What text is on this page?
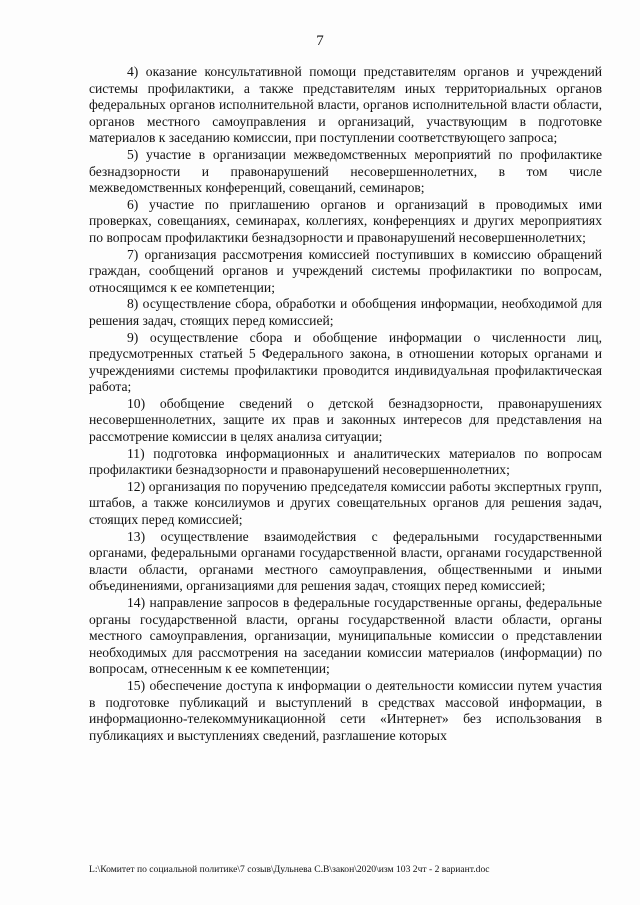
7

4) оказание консультативной помощи представителям органов и учреждений системы профилактики, а также представителям иных территориальных органов федеральных органов исполнительной власти, органов исполнительной власти области, органов местного самоуправления и организаций, участвующим в подготовке материалов к заседанию комиссии, при поступлении соответствующего запроса;

5) участие в организации межведомственных мероприятий по профилактике безнадзорности и правонарушений несовершеннолетних, в том числе межведомственных конференций, совещаний, семинаров;

6) участие по приглашению органов и организаций в проводимых ими проверках, совещаниях, семинарах, коллегиях, конференциях и других мероприятиях по вопросам профилактики безнадзорности и правонарушений несовершеннолетних;

7) организация рассмотрения комиссией поступивших в комиссию обращений граждан, сообщений органов и учреждений системы профилактики по вопросам, относящимся к ее компетенции;

8) осуществление сбора, обработки и обобщения информации, необходимой для решения задач, стоящих перед комиссией;

9) осуществление сбора и обобщение информации о численности лиц, предусмотренных статьей 5 Федерального закона, в отношении которых органами и учреждениями системы профилактики проводится индивидуальная профилактическая работа;

10) обобщение сведений о детской безнадзорности, правонарушениях несовершеннолетних, защите их прав и законных интересов для представления на рассмотрение комиссии в целях анализа ситуации;

11) подготовка информационных и аналитических материалов по вопросам профилактики безнадзорности и правонарушений несовершеннолетних;

12) организация по поручению председателя комиссии работы экспертных групп, штабов, а также консилиумов и других совещательных органов для решения задач, стоящих перед комиссией;

13) осуществление взаимодействия с федеральными государственными органами, федеральными органами государственной власти, органами государственной власти области, органами местного самоуправления, общественными и иными объединениями, организациями для решения задач, стоящих перед комиссией;

14) направление запросов в федеральные государственные органы, федеральные органы государственной власти, органы государственной власти области, органы местного самоуправления, организации, муниципальные комиссии о представлении необходимых для рассмотрения на заседании комиссии материалов (информации) по вопросам, отнесенным к ее компетенции;

15) обеспечение доступа к информации о деятельности комиссии путем участия в подготовке публикаций и выступлений в средствах массовой информации, в информационно-телекоммуникационной сети «Интернет» без использования в публикациях и выступлениях сведений, разглашение которых

L:\Комитет по социальной политике\7 созыв\Дульнева С.В\закон\2020\изм 103 2чт - 2 вариант.doc
